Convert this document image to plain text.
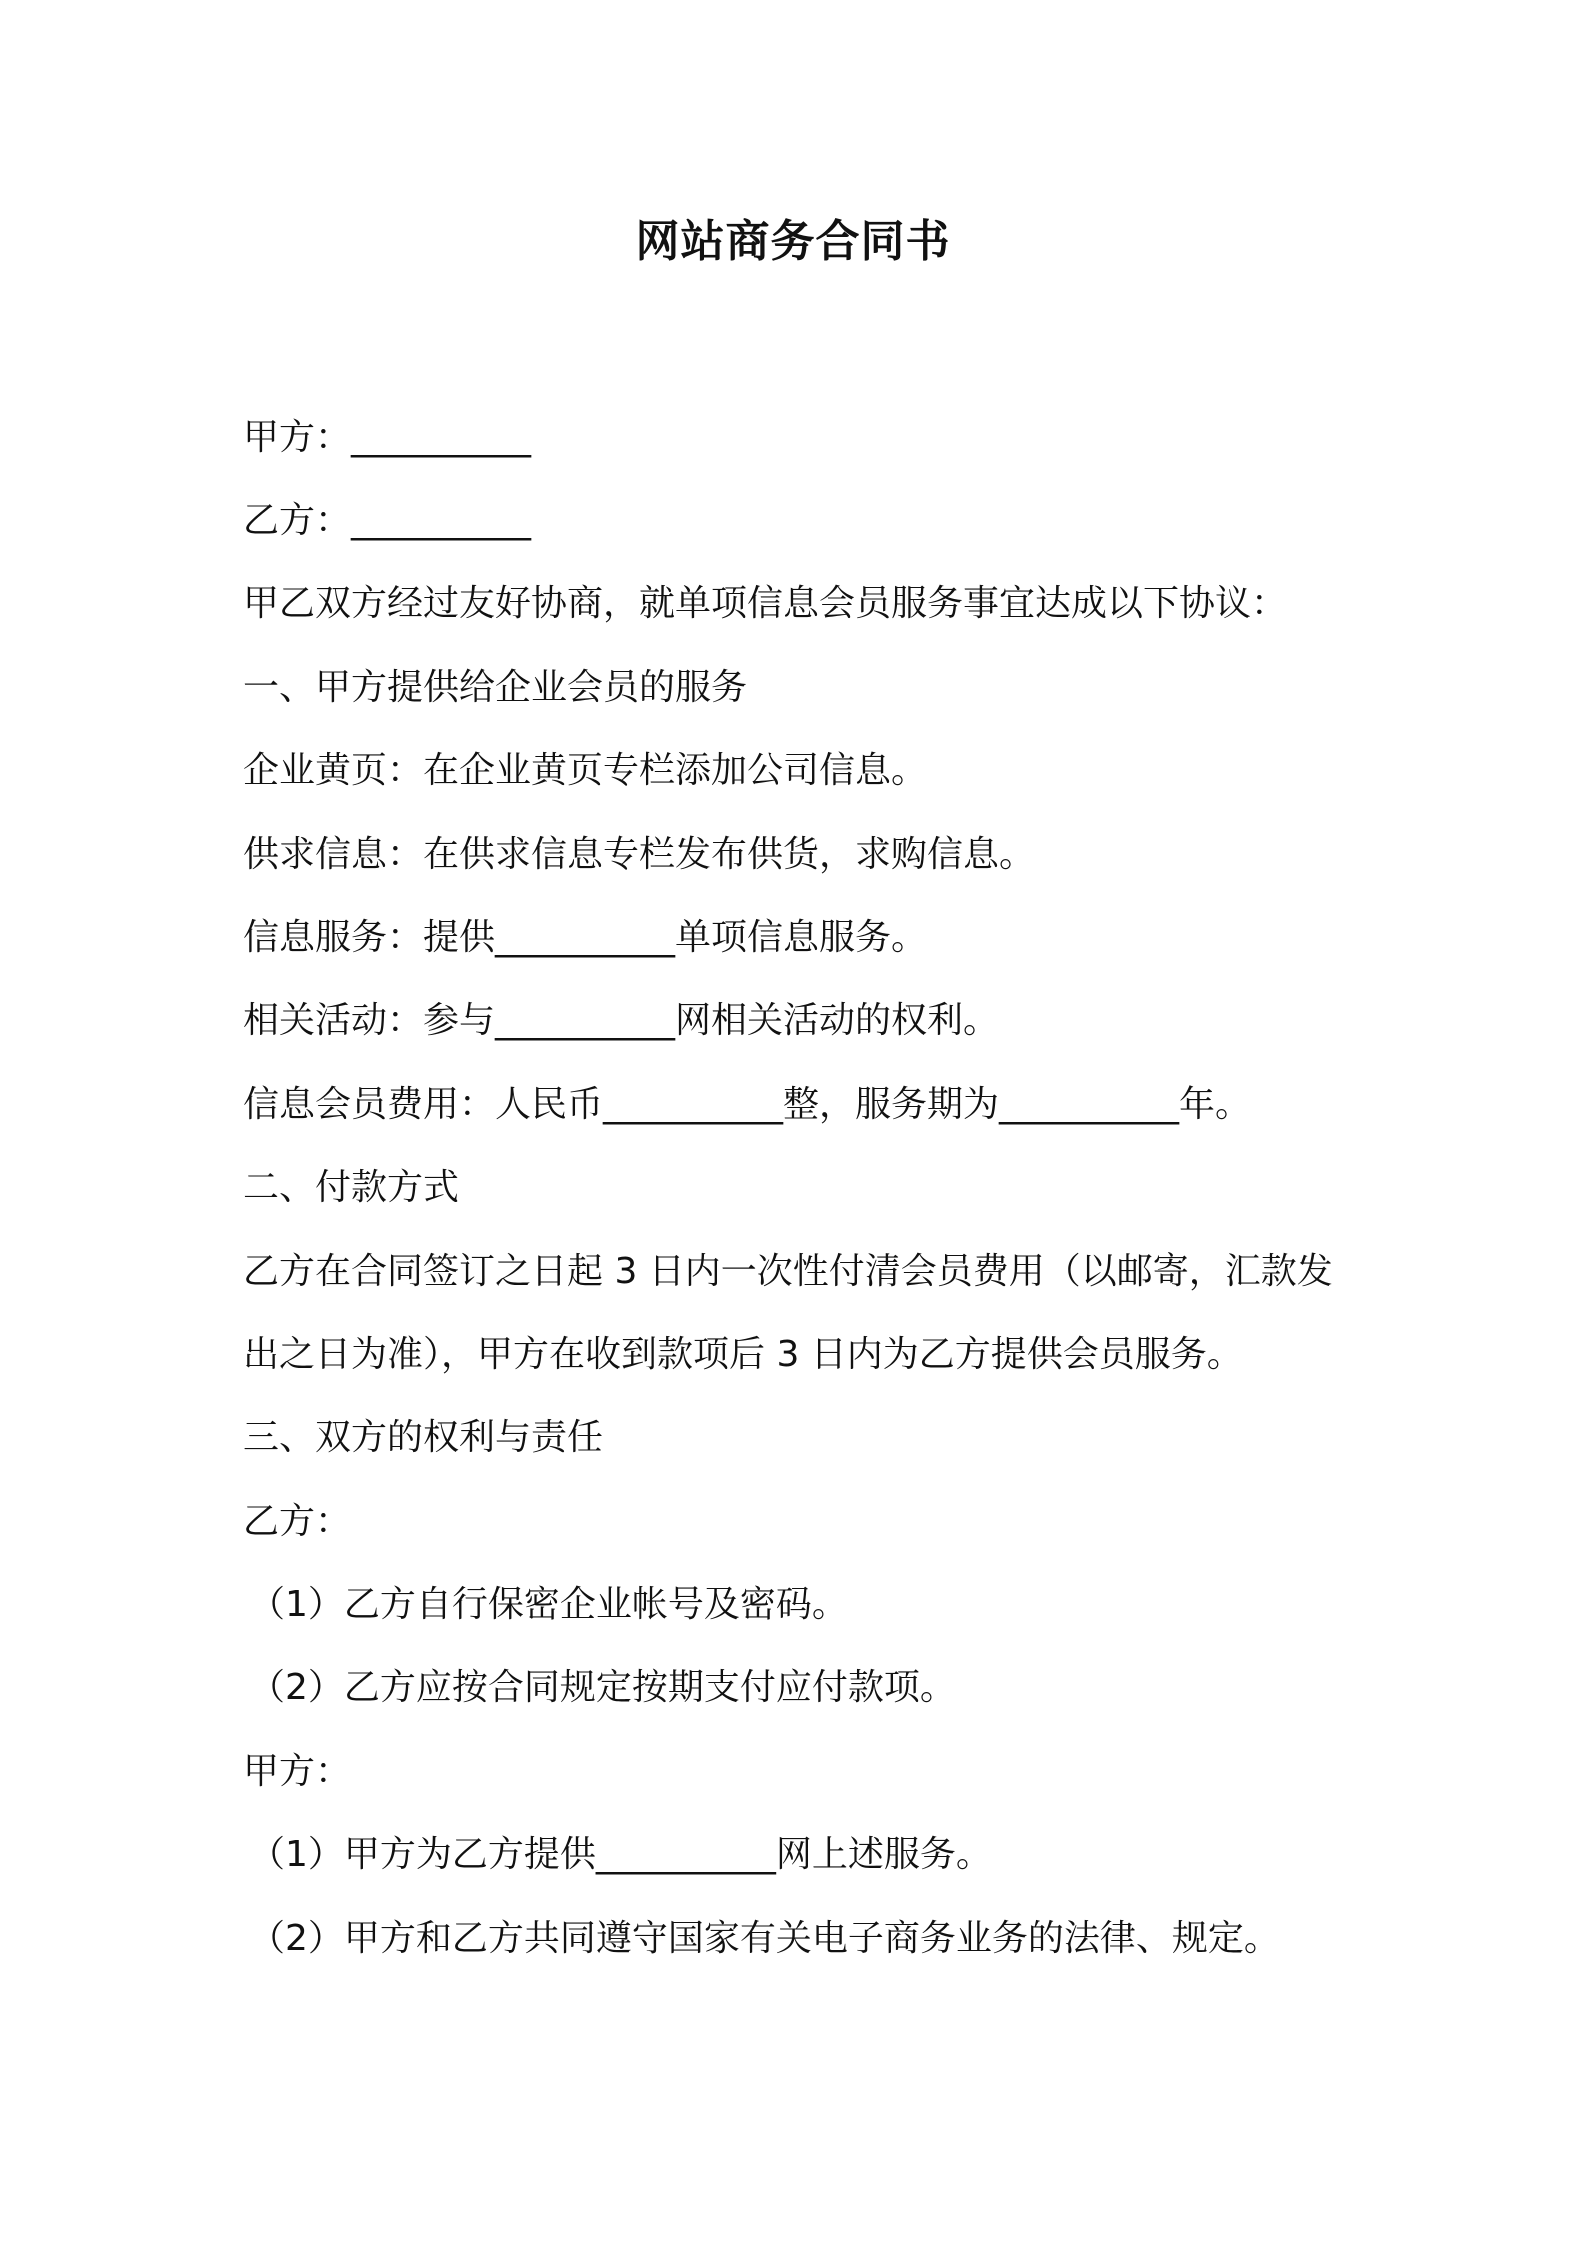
网站商务合同书
甲方：__________
乙方：__________
甲乙双方经过友好协商，就单项信息会员服务事宜达成以下协议：
一、甲方提供给企业会员的服务
企业黄页：在企业黄页专栏添加公司信息。
供求信息：在供求信息专栏发布供货，求购信息。
信息服务：提供__________单项信息服务。
相关活动：参与__________网相关活动的权利。
信息会员费用：人民币__________整，服务期为__________年。
二、付款方式
乙方在合同签订之日起 3 日内一次性付清会员费用（以邮寄，汇款发
出之日为准），甲方在收到款项后 3 日内为乙方提供会员服务。
三、双方的权利与责任
乙方：
（1）乙方自行保密企业帐号及密码。
（2）乙方应按合同规定按期支付应付款项。
甲方：
（1）甲方为乙方提供__________网上述服务。
（2）甲方和乙方共同遵守国家有关电子商务业务的法律、规定。
